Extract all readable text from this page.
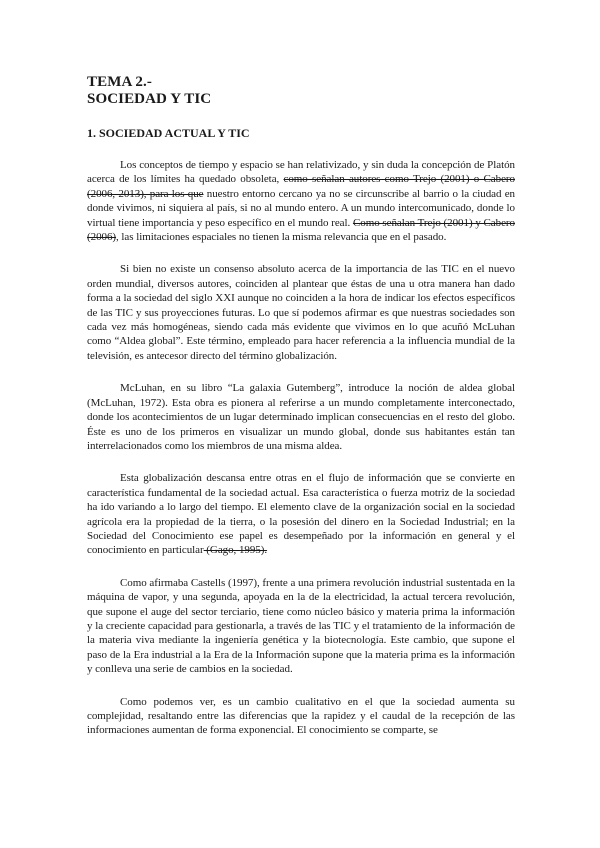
TEMA 2.-
SOCIEDAD Y TIC
1. SOCIEDAD ACTUAL Y TIC

Los conceptos de tiempo y espacio se han relativizado, y sin duda la concepción de Platón acerca de los límites ha quedado obsoleta, como señalan autores como Trejo (2001) o Cabero (2006, 2013), para los que nuestro entorno cercano ya no se circunscribe al barrio o la ciudad en donde vivimos, ni siquiera al país, si no al mundo entero. A un mundo intercomunicado, donde lo virtual tiene importancia y peso específico en el mundo real. Como señalan Trejo (2001) y Cabero (2006), las limitaciones espaciales no tienen la misma relevancia que en el pasado.

Si bien no existe un consenso absoluto acerca de la importancia de las TIC en el nuevo orden mundial, diversos autores, coinciden al plantear que éstas de una u otra manera han dado forma a la sociedad del siglo XXI aunque no coinciden a la hora de indicar los efectos específicos de las TIC y sus proyecciones futuras. Lo que sí podemos afirmar es que nuestras sociedades son cada vez más homogéneas, siendo cada más evidente que vivimos en lo que acuñó McLuhan como “Aldea global”. Este término, empleado para hacer referencia a la influencia mundial de la televisión, es antecesor directo del término globalización.

McLuhan, en su libro “La galaxia Gutemberg”, introduce la noción de aldea global (McLuhan, 1972). Esta obra es pionera al referirse a un mundo completamente interconectado, donde los acontecimientos de un lugar determinado implican consecuencias en el resto del globo. Éste es uno de los primeros en visualizar un mundo global, donde sus habitantes están tan interrelacionados como los miembros de una misma aldea.

Esta globalización descansa entre otras en el flujo de información que se convierte en característica fundamental de la sociedad actual. Esa característica o fuerza motriz de la sociedad ha ido variando a lo largo del tiempo. El elemento clave de la organización social en la sociedad agrícola era la propiedad de la tierra, o la posesión del dinero en la Sociedad Industrial; en la Sociedad del Conocimiento ese papel es desempeñado por la información en general y el conocimiento en particular (Gago, 1995).

Como afirmaba Castells (1997), frente a una primera revolución industrial sustentada en la máquina de vapor, y una segunda, apoyada en la de la electricidad, la actual tercera revolución, que supone el auge del sector terciario, tiene como núcleo básico y materia prima la información y la creciente capacidad para gestionarla, a través de las TIC y el tratamiento de la información de la materia viva mediante la ingeniería genética y la biotecnología. Este cambio, que supone el paso de la Era industrial a la Era de la Información supone que la materia prima es la información y conlleva una serie de cambios en la sociedad.

Como podemos ver, es un cambio cualitativo en el que la sociedad aumenta su complejidad, resaltando entre las diferencias que la rapidez y el caudal de la recepción de las informaciones aumentan de forma exponencial. El conocimiento se comparte, se
